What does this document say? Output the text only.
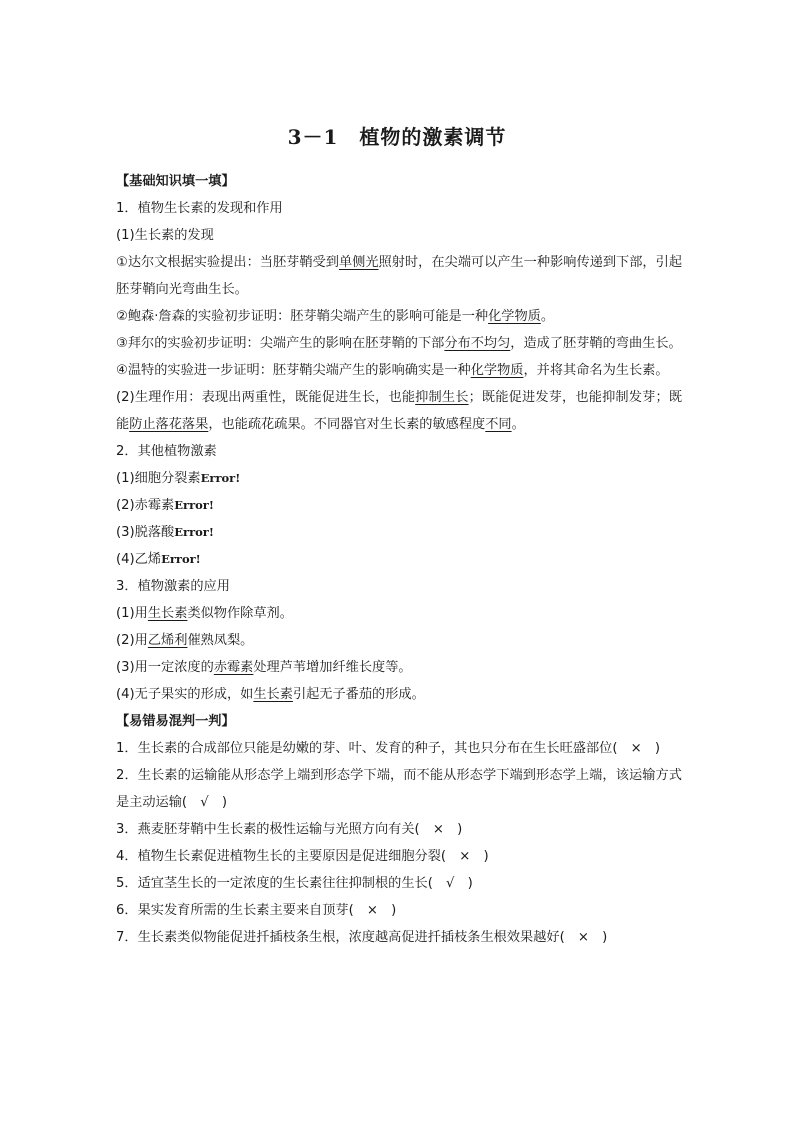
3－1　植物的激素调节
【基础知识填一填】
1．植物生长素的发现和作用
(1)生长素的发现
①达尔文根据实验提出：当胚芽鞘受到单侧光照射时，在尖端可以产生一种影响传递到下部，引起胚芽鞘向光弯曲生长。
②鲍森·詹森的实验初步证明：胚芽鞘尖端产生的影响可能是一种化学物质。
③拜尔的实验初步证明：尖端产生的影响在胚芽鞘的下部分布不均匀，造成了胚芽鞘的弯曲生长。
④温特的实验进一步证明：胚芽鞘尖端产生的影响确实是一种化学物质，并将其命名为生长素。
(2)生理作用：表现出两重性，既能促进生长，也能抑制生长；既能促进发芽，也能抑制发芽；既能防止落花落果，也能疏花疏果。不同器官对生长素的敏感程度不同。
2．其他植物激素
(1)细胞分裂素Error!
(2)赤霉素Error!
(3)脱落酸Error!
(4)乙烯Error!
3．植物激素的应用
(1)用生长素类似物作除草剂。
(2)用乙烯利催熟凤梨。
(3)用一定浓度的赤霉素处理芦苇增加纤维长度等。
(4)无子果实的形成，如生长素引起无子番茄的形成。
【易错易混判一判】
1．生长素的合成部位只能是幼嫩的芽、叶、发育的种子，其也只分布在生长旺盛部位(　×　)
2．生长素的运输能从形态学上端到形态学下端，而不能从形态学下端到形态学上端，该运输方式是主动运输(　√　)
3．燕麦胚芽鞘中生长素的极性运输与光照方向有关(　×　)
4．植物生长素促进植物生长的主要原因是促进细胞分裂(　×　)
5．适宜茎生长的一定浓度的生长素往往抑制根的生长(　√　)
6．果实发育所需的生长素主要来自顶芽(　×　)
7．生长素类似物能促进扦插枝条生根，浓度越高促进扦插枝条生根效果越好(　×　)
